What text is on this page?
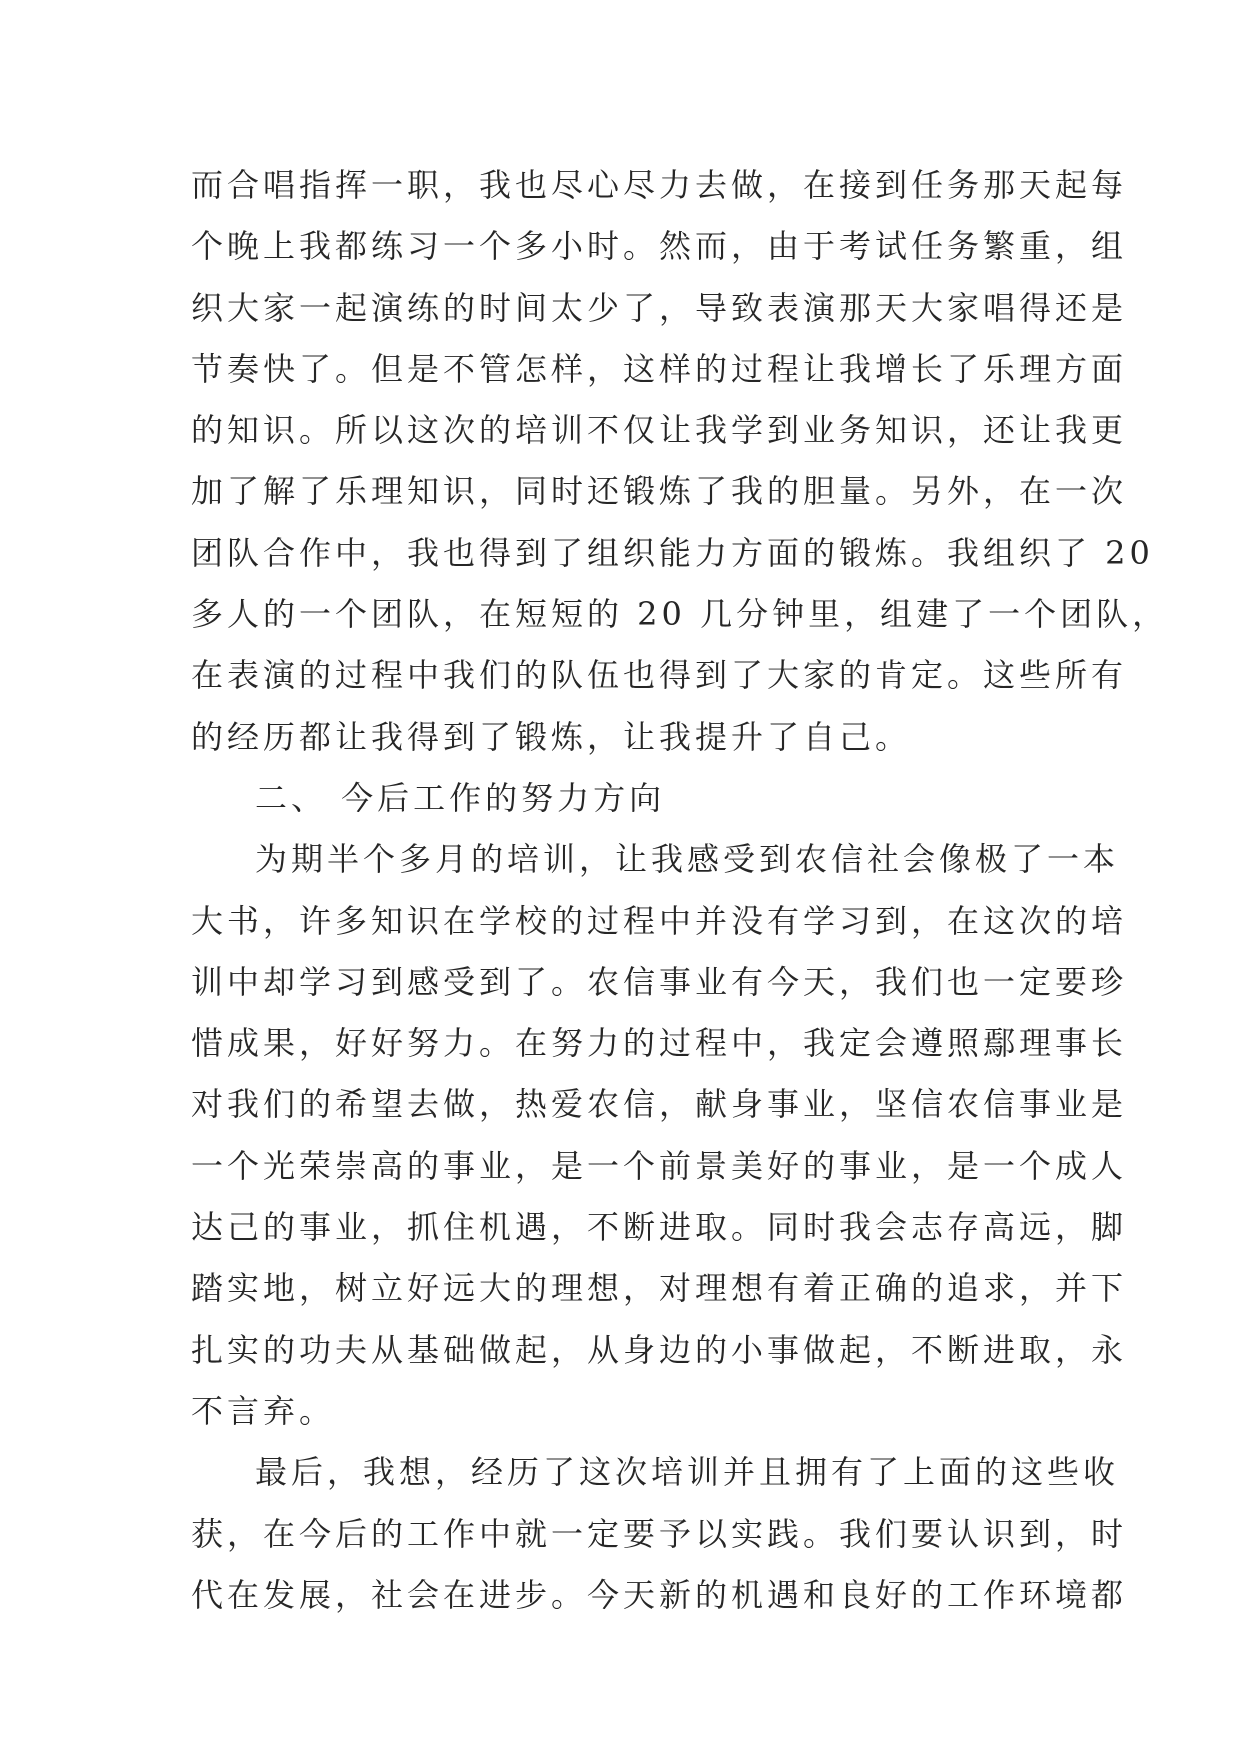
而合唱指挥一职，我也尽心尽力去做，在接到任务那天起每
个晚上我都练习一个多小时。然而，由于考试任务繁重，组
织大家一起演练的时间太少了，导致表演那天大家唱得还是
节奏快了。但是不管怎样，这样的过程让我增长了乐理方面
的知识。所以这次的培训不仅让我学到业务知识，还让我更
加了解了乐理知识，同时还锻炼了我的胆量。另外，在一次
团队合作中，我也得到了组织能力方面的锻炼。我组织了 20
多人的一个团队，在短短的 20 几分钟里，组建了一个团队，
在表演的过程中我们的队伍也得到了大家的肯定。这些所有
的经历都让我得到了锻炼，让我提升了自己。
二、 今后工作的努力方向
为期半个多月的培训，让我感受到农信社会像极了一本
大书，许多知识在学校的过程中并没有学习到，在这次的培
训中却学习到感受到了。农信事业有今天，我们也一定要珍
惜成果，好好努力。在努力的过程中，我定会遵照鄢理事长
对我们的希望去做，热爱农信，献身事业，坚信农信事业是
一个光荣崇高的事业，是一个前景美好的事业，是一个成人
达己的事业，抓住机遇，不断进取。同时我会志存高远，脚
踏实地，树立好远大的理想，对理想有着正确的追求，并下
扎实的功夫从基础做起，从身边的小事做起，不断进取，永
不言弃。
最后，我想，经历了这次培训并且拥有了上面的这些收
获，在今后的工作中就一定要予以实践。我们要认识到，时
代在发展，社会在进步。今天新的机遇和良好的工作环境都
